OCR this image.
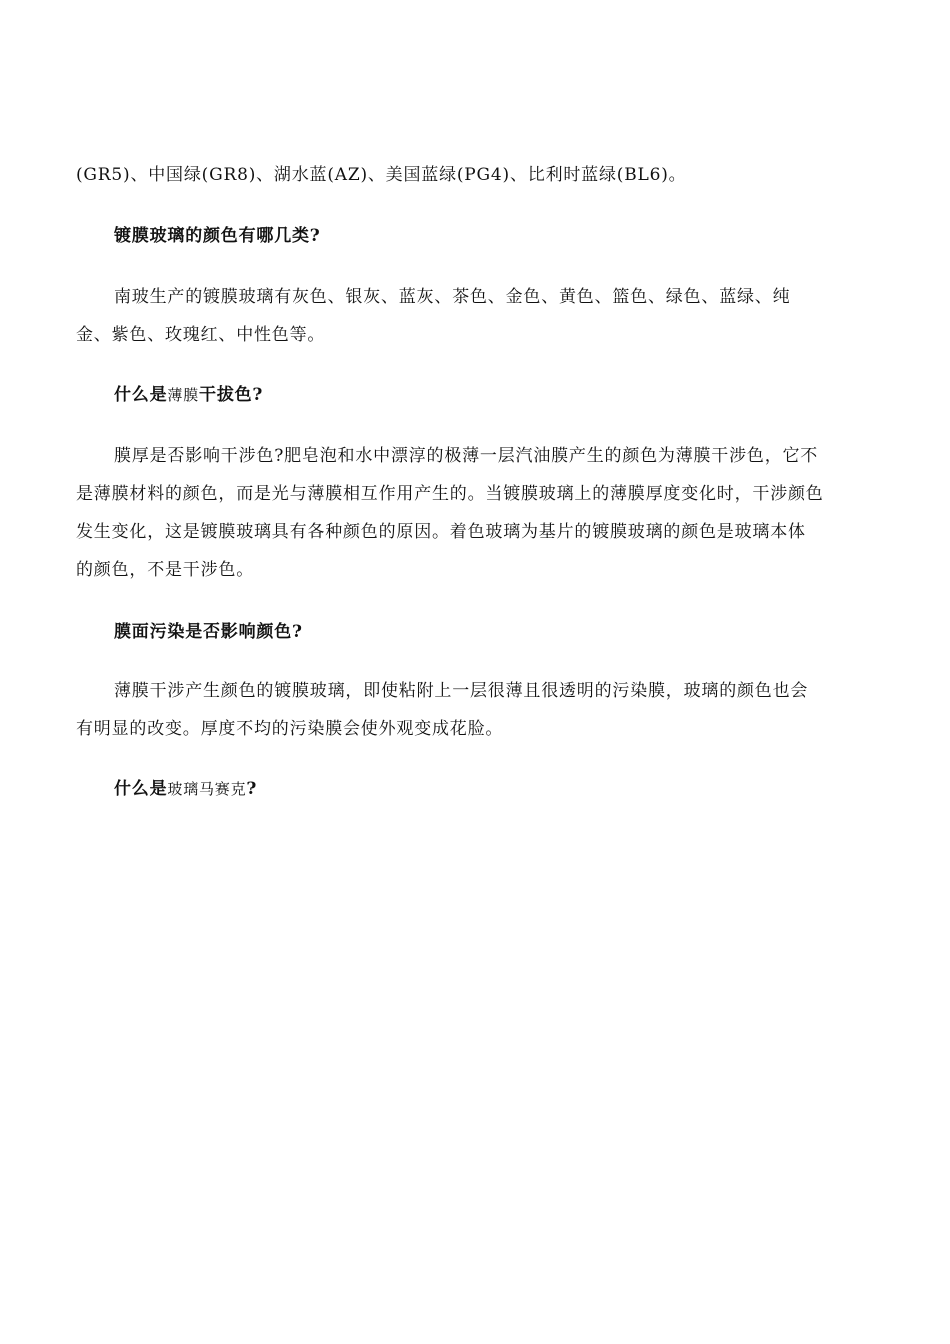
(GR5)、中国绿(GR8)、湖水蓝(AZ)、美国蓝绿(PG4)、比利时蓝绿(BL6)。

镀膜玻璃的颜色有哪几类?

南玻生产的镀膜玻璃有灰色、银灰、蓝灰、茶色、金色、黄色、篮色、绿色、蓝绿、纯
金、紫色、玫瑰红、中性色等。

什么是薄膜干拔色?

膜厚是否影响干涉色?肥皂泡和水中漂淳的极薄一层汽油膜产生的颜色为薄膜干涉色，它不
是薄膜材料的颜色，而是光与薄膜相互作用产生的。当镀膜玻璃上的薄膜厚度变化时，干涉颜色
发生变化，这是镀膜玻璃具有各种颜色的原因。着色玻璃为基片的镀膜玻璃的颜色是玻璃本体
的颜色，不是干涉色。

膜面污染是否影响颜色?

薄膜干涉产生颜色的镀膜玻璃，即使粘附上一层很薄且很透明的污染膜，玻璃的颜色也会
有明显的改变。厚度不均的污染膜会使外观变成花脸。

什么是玻璃马赛克?
